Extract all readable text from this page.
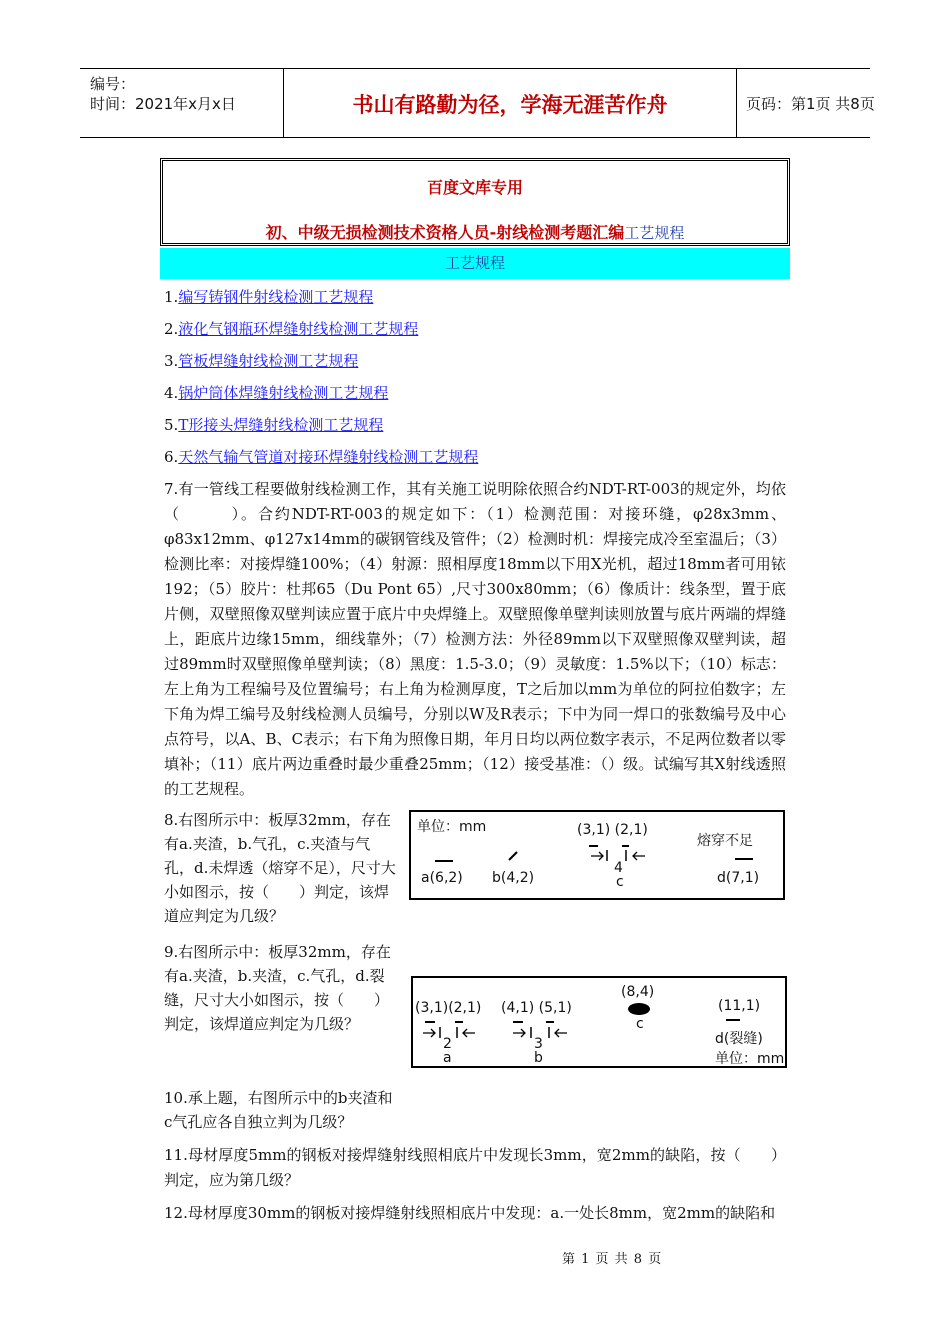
编号：
时间：2021年x月x日	书山有路勤为径，学海无涯苦作舟	页码：第1页 共8页
百度文库专用
初、中级无损检测技术资格人员-射线检测考题汇编工艺规程
工艺规程
1.编写铸钢件射线检测工艺规程
2.液化气钢瓶环焊缝射线检测工艺规程
3.管板焊缝射线检测工艺规程
4.锅炉筒体焊缝射线检测工艺规程
5.T形接头焊缝射线检测工艺规程
6.天然气输气管道对接环焊缝射线检测工艺规程

7.有一管线工程要做射线检测工作，其有关施工说明除依照合约NDT-RT-003的规定外，均依（　　　）。合约NDT-RT-003的规定如下：（1）检测范围：对接环缝，φ28x3mm、φ83x12mm、φ127x14mm的碳钢管线及管件；（2）检测时机：焊接完成冷至室温后；（3）检测比率：对接焊缝100%；（4）射源：照相厚度18mm以下用X光机，超过18mm者可用铱192；（5）胶片：杜邦65（Du Pont 65）,尺寸300x80mm；（6）像质计：线条型，置于底片侧，双壁照像双壁判读应置于底片中央焊缝上。双壁照像单壁判读则放置与底片两端的焊缝上，距底片边缘15mm，细线靠外；（7）检测方法：外径89mm以下双壁照像双壁判读，超过89mm时双壁照像单壁判读；（8）黑度：1.5-3.0；（9）灵敏度：1.5%以下；（10）标志：左上角为工程编号及位置编号；右上角为检测厚度，T之后加以mm为单位的阿拉伯数字；左下角为焊工编号及射线检测人员编号，分别以W及R表示；下中为同一焊口的张数编号及中心点符号，以A、B、C表示；右下角为照像日期，年月日均以两位数字表示，不足两位数者以零填补；（11）底片两边重叠时最少重叠25mm；（12）接受基准：（）级。试编写其X射线透照的工艺规程。

8.右图所示中：板厚32mm，存在有a.夹渣，b.气孔，c.夹渣与气孔，d.未焊透（熔穿不足），尺寸大小如图示，按（　　）判定，该焊道应判定为几级？

单位：mm	(3,1) (2,1)
熔穿不足
4
c
a(6,2) b(4,2)	d(7,1)

9.右图所示中：板厚32mm，存在有a.夹渣，b.夹渣，c.气孔，d.裂缝，尺寸大小如图示，按（　　）判定，该焊道应判定为几级？

(3,1)(2,1) (4,1) (5,1)
(8,4)
(11,1)
c
d(裂缝)
2
a
3
b	单位：mm

10.承上题，右图所示中的b夹渣和c气孔应各自独立判为几级？

11.母材厚度5mm的钢板对接焊缝射线照相底片中发现长3mm，宽2mm的缺陷，按（　　）判定，应为第几级？

12.母材厚度30mm的钢板对接焊缝射线照相底片中发现：a.一处长8mm，宽2mm的缺陷和

第 1 页 共 8 页
